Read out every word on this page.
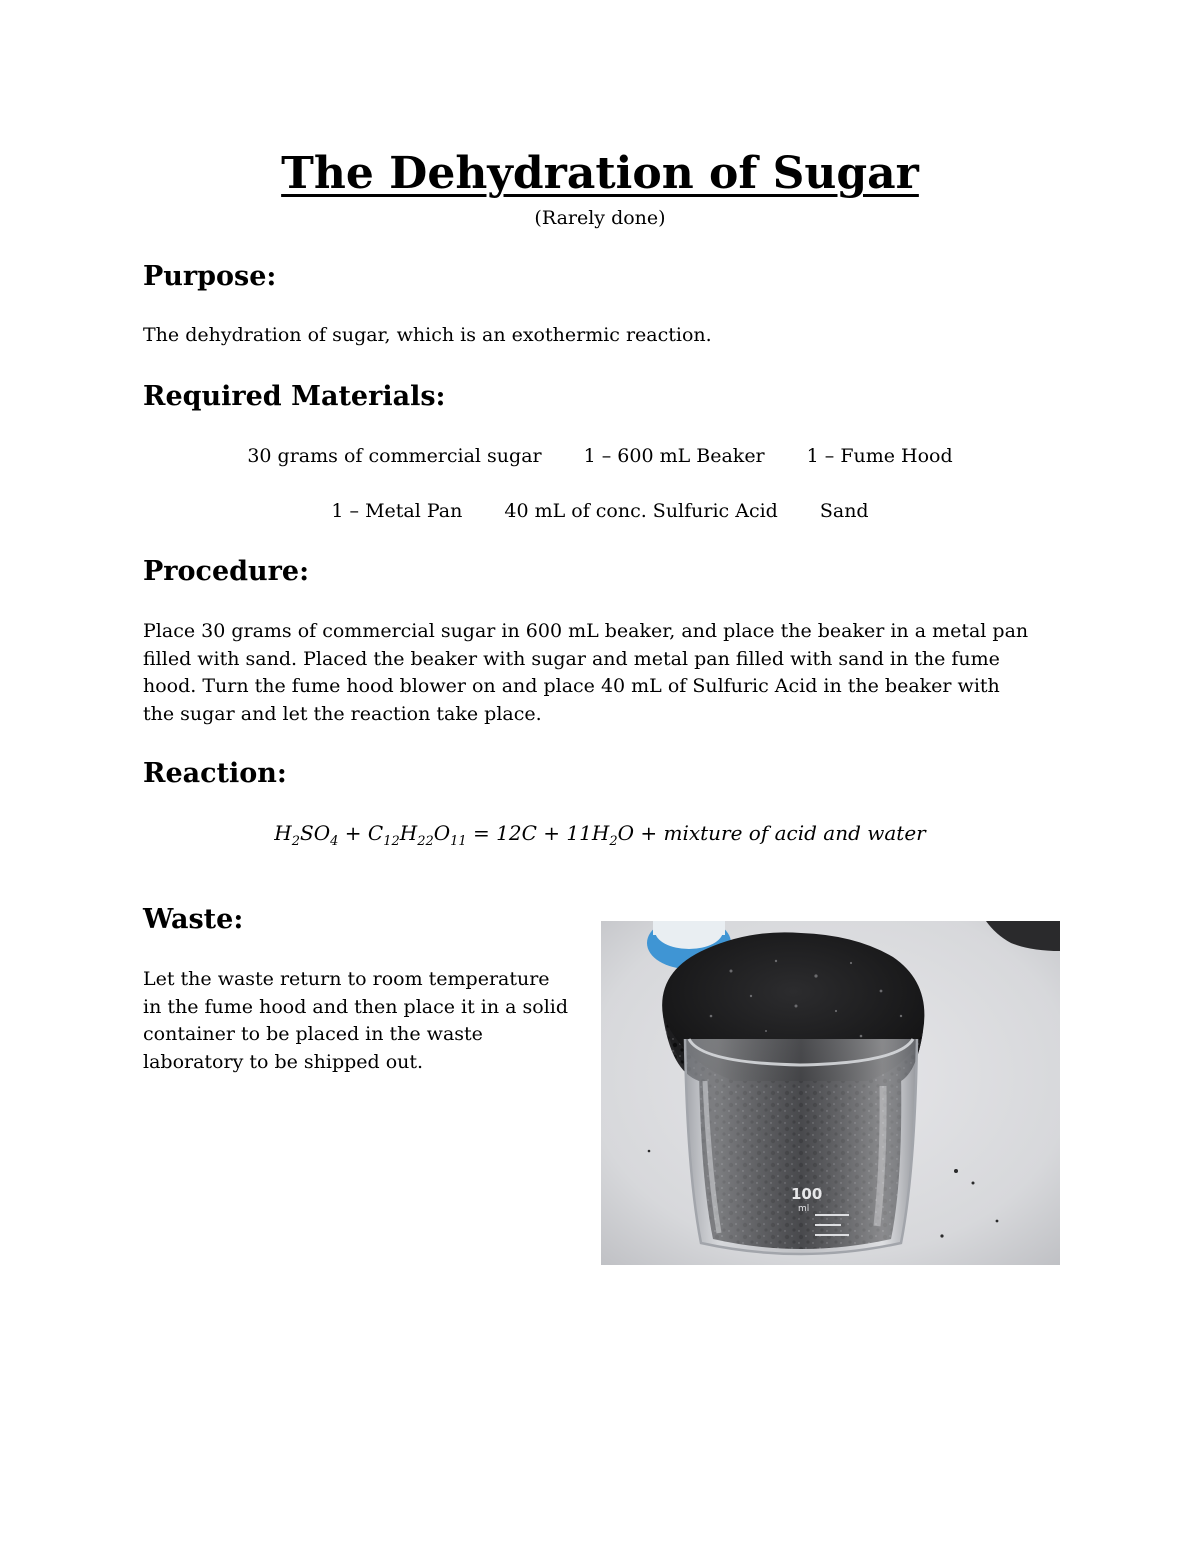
The Dehydration of Sugar
(Rarely done)
Purpose:

The dehydration of sugar, which is an exothermic reaction.

Required Materials:
30 grams of commercial sugar 1 – 600 mL Beaker 1 – Fume Hood
1 – Metal Pan 40 mL of conc. Sulfuric Acid Sand
Procedure:
Place 30 grams of commercial sugar in 600 mL beaker, and place the beaker in a metal pan
filled with sand. Placed the beaker with sugar and metal pan filled with sand in the fume
hood. Turn the fume hood blower on and place 40 mL of Sulfuric Acid in the beaker with
the sugar and let the reaction take place.
Reaction:
$H_2SO_4 + C_{12}H_{22}O_{11} = 12C + 11H_2O$ + mixture of acid and water
Waste:
Let the waste return to room temperature
in the fume hood and then place it in a solid
container to be placed in the waste
laboratory to be shipped out.
100
ml
